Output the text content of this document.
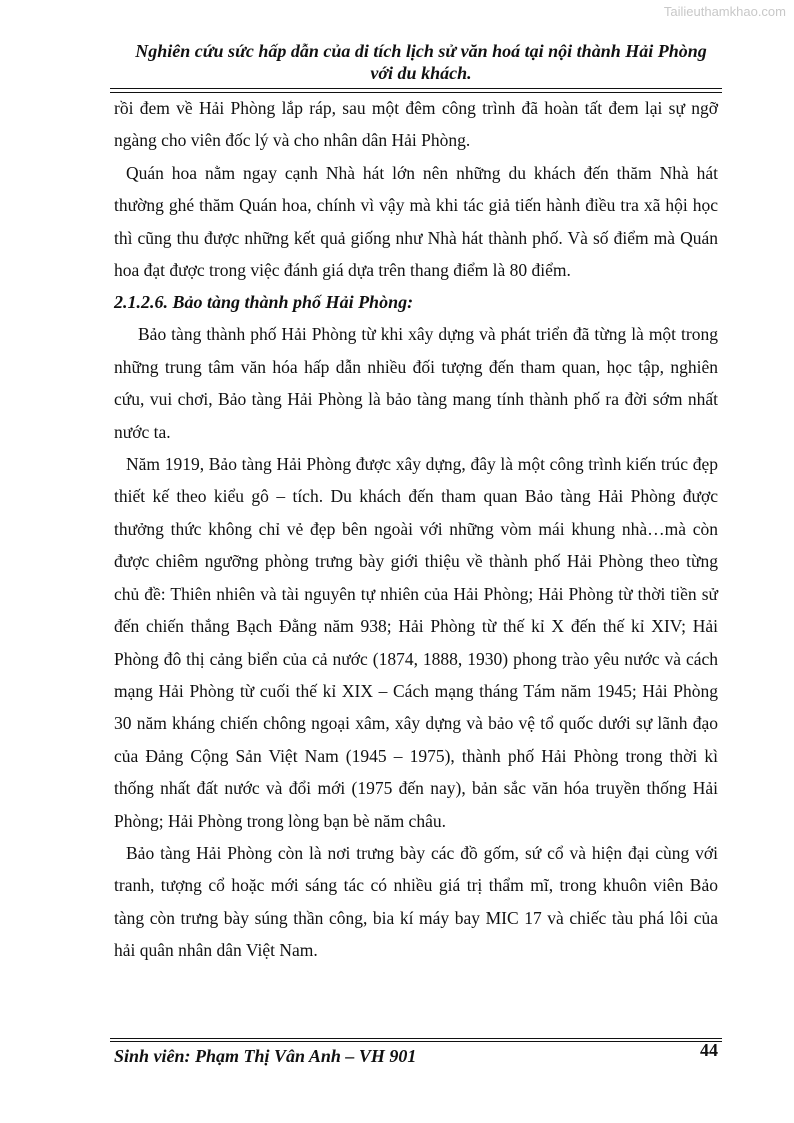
Tailieuthamkhao.com
Nghiên cứu sức hấp dẫn của di tích lịch sử văn hoá tại nội thành Hải Phòng
với du khách.

rồi đem về Hải Phòng lắp ráp, sau một đêm công trình đã hoàn tất đem lại sự ngỡ ngàng cho viên đốc lý và cho nhân dân Hải Phòng.

Quán hoa nằm ngay cạnh Nhà hát lớn nên những du khách đến thăm Nhà hát thường ghé thăm Quán hoa, chính vì vậy mà khi tác giả tiến hành điều tra xã hội học thì cũng thu được những kết quả giống như Nhà hát thành phố. Và số điểm mà Quán hoa đạt được trong việc đánh giá dựa trên thang điểm là 80 điểm.

2.1.2.6. Bảo tàng thành phố Hải Phòng:

Bảo tàng thành phố Hải Phòng từ khi xây dựng và phát triển đã từng là một trong những trung tâm văn hóa hấp dẫn nhiều đối tượng đến tham quan, học tập, nghiên cứu, vui chơi, Bảo tàng Hải Phòng là bảo tàng mang tính thành phố ra đời sớm nhất nước ta.

Năm 1919, Bảo tàng Hải Phòng được xây dựng, đây là một công trình kiến trúc đẹp thiết kế theo kiểu gô – tích. Du khách đến tham quan Bảo tàng Hải Phòng được thưởng thức không chỉ vẻ đẹp bên ngoài với những vòm mái khung nhà…mà còn được chiêm ngưỡng phòng trưng bày giới thiệu về thành phố Hải Phòng theo từng chủ đề: Thiên nhiên và tài nguyên tự nhiên của Hải Phòng; Hải Phòng từ thời tiền sử đến chiến thắng Bạch Đằng năm 938; Hải Phòng từ thế kỉ X đến thế kỉ XIV; Hải Phòng đô thị cảng biển của cả nước (1874, 1888, 1930) phong trào yêu nước và cách mạng Hải Phòng từ cuối thế kỉ XIX – Cách mạng tháng Tám năm 1945; Hải Phòng 30 năm kháng chiến chông ngoại xâm, xây dựng và bảo vệ tổ quốc dưới sự lãnh đạo của Đảng Cộng Sản Việt Nam (1945 – 1975), thành phố Hải Phòng trong thời kì thống nhất đất nước và đổi mới (1975 đến nay), bản sắc văn hóa truyền thống Hải Phòng; Hải Phòng trong lòng bạn bè năm châu.

Bảo tàng Hải Phòng còn là nơi trưng bày các đồ gốm, sứ cổ và hiện đại cùng với tranh, tượng cổ hoặc mới sáng tác có nhiều giá trị thẩm mĩ, trong khuôn viên Bảo tàng còn trưng bày súng thần công, bia kí máy bay MIC 17 và chiếc tàu phá lôi của hải quân nhân dân Việt Nam.

Sinh viên: Phạm Thị Vân Anh – VH 901	44
